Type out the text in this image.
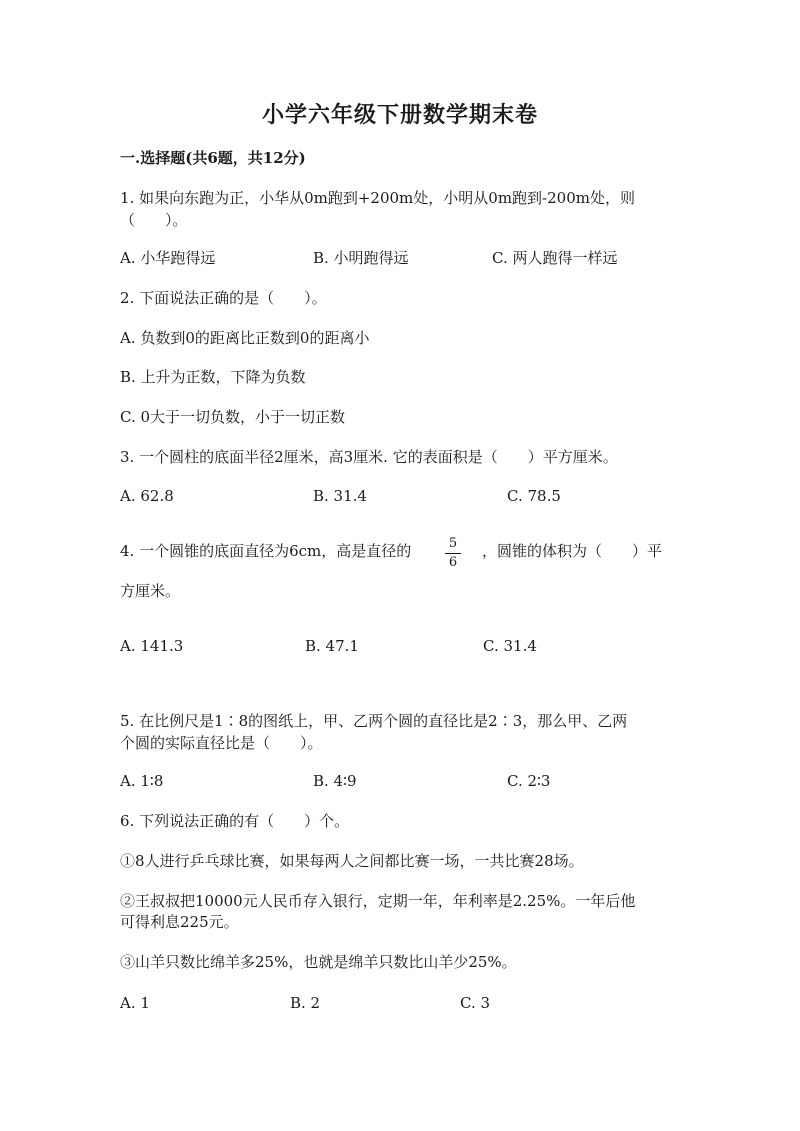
小学六年级下册数学期末卷
一.选择题(共6题，共12分)
1. 如果向东跑为正，小华从0m跑到+200m处，小明从0m跑到-200m处，则
（　　）。
A. 小华跑得远	B. 小明跑得远	C. 两人跑得一样远
2. 下面说法正确的是（　　）。
A. 负数到0的距离比正数到0的距离小
B. 上升为正数，下降为负数
C. 0大于一切负数，小于一切正数
3. 一个圆柱的底面半径2厘米，高3厘米. 它的表面积是（　　）平方厘米。
A. 62.8	B. 31.4	C. 78.5
4. 一个圆锥的底面直径为6cm，高是直径的	5
6
，圆锥的体积为（　　）平
方厘米。
A. 141.3	B. 47.1	C. 31.4
5. 在比例尺是1∶8的图纸上，甲、乙两个圆的直径比是2∶3，那么甲、乙两
个圆的实际直径比是（　　）。
A. 1∶8	B. 4∶9	C. 2∶3
6. 下列说法正确的有（　　）个。
①8人进行乒乓球比赛，如果每两人之间都比赛一场，一共比赛28场。
②王叔叔把10000元人民币存入银行，定期一年，年利率是2.25%。一年后他
可得利息225元。
③山羊只数比绵羊多25%，也就是绵羊只数比山羊少25%。
A. 1	B. 2	C. 3
